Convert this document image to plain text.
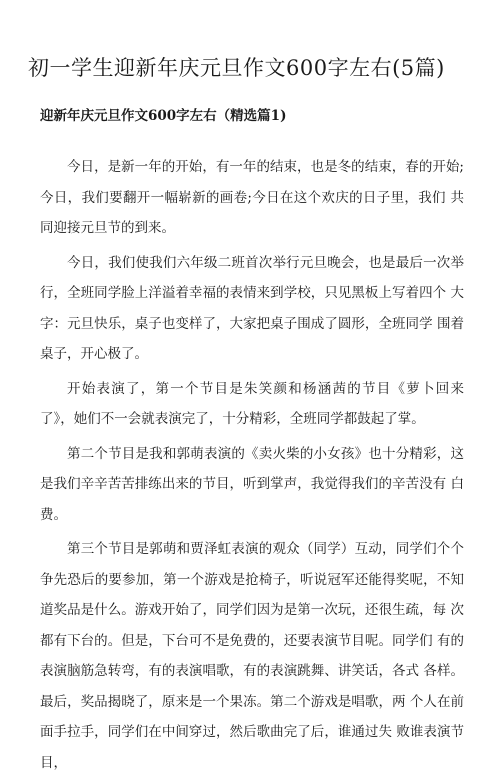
初一学生迎新年庆元旦作文600字左右(5篇)
迎新年庆元旦作文600字左右（精选篇1)

今日，是新一年的开始，有一年的结束，也是冬的结束，春的开始; 今日，我们要翻开一幅崭新的画卷;今日在这个欢庆的日子里，我们 共同迎接元旦节的到来。

今日，我们使我们六年级二班首次举行元旦晚会，也是最后一次举 行，全班同学脸上洋溢着幸福的表情来到学校，只见黑板上写着四个 大字：元旦快乐，桌子也变样了，大家把桌子围成了圆形，全班同学 围着桌子，开心极了。

开始表演了，第一个节目是朱笑颜和杨涵茜的节目《萝卜回来了》，她们不一会就表演完了，十分精彩，全班同学都鼓起了掌。

第二个节目是我和郭萌表演的《卖火柴的小女孩》也十分精彩，这 是我们辛辛苦苦排练出来的节目，听到掌声，我觉得我们的辛苦没有 白费。

第三个节目是郭萌和贾泽虹表演的观众（同学）互动，同学们个个争先恐后的要参加，第一个游戏是抢椅子，听说冠军还能得奖呢，不知 道奖品是什么。游戏开始了，同学们因为是第一次玩，还很生疏，每 次都有下台的。但是，下台可不是免费的，还要表演节目呢。同学们 有的表演脑筋急转弯，有的表演唱歌，有的表演跳舞、讲笑话，各式 各样。最后，奖品揭晓了，原来是一个果冻。第二个游戏是唱歌，两 个人在前面手拉手，同学们在中间穿过，然后歌曲完了后，谁通过失 败谁表演节目，
